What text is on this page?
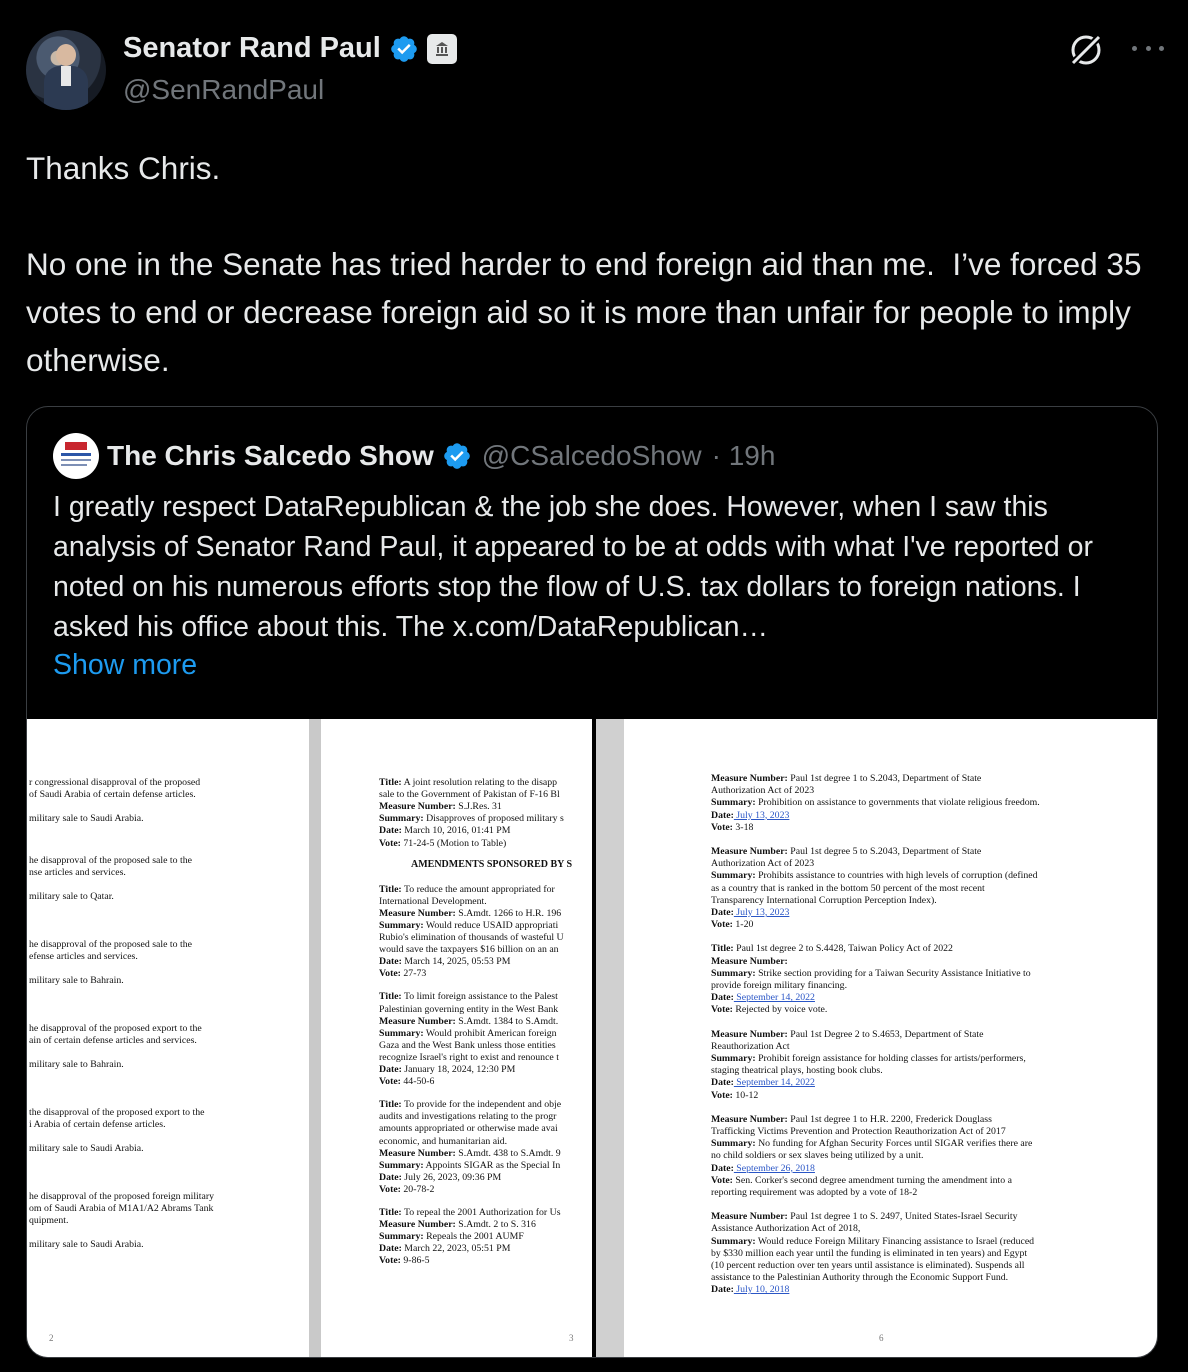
Senator Rand Paul
@SenRandPaul
Thanks Chris.

No one in the Senate has tried harder to end foreign aid than me.  I’ve forced 35 votes to end or decrease foreign aid so it is more than unfair for people to imply otherwise.
The Chris Salcedo Show @CSalcedoShow · 19h
I greatly respect DataRepublican & the job she does. However, when I saw this analysis of Senator Rand Paul, it appeared to be at odds with what I've reported or noted on his numerous efforts stop the flow of U.S. tax dollars to foreign nations. I asked his office about this. The x.com/DataRepublican…
Show more
2
r congressional disapproval of the proposed
of Saudi Arabia of certain defense articles.
military sale to Saudi Arabia.
he disapproval of the proposed sale to the
nse articles and services.
military sale to Qatar.
he disapproval of the proposed sale to the
efense articles and services.
military sale to Bahrain.
he disapproval of the proposed export to the
ain of certain defense articles and services.
military sale to Bahrain.
the disapproval of the proposed export to the
i Arabia of certain defense articles.
military sale to Saudi Arabia.
he disapproval of the proposed foreign military
om of Saudi Arabia of M1A1/A2 Abrams Tank
quipment.
military sale to Saudi Arabia.
AMENDMENTS SPONSORED BY S
3
Title: A joint resolution relating to the disapp
sale to the Government of Pakistan of F-16 Bl
Measure Number: S.J.Res. 31
Summary: Disapproves of proposed military s
Date: March 10, 2016, 01:41 PM
Vote: 71-24-5 (Motion to Table)
Title: To reduce the amount appropriated for
International Development.
Measure Number: S.Amdt. 1266 to H.R. 196
Summary: Would reduce USAID appropriati
Rubio's elimination of thousands of wasteful U
would save the taxpayers $16 billion on an an
Date: March 14, 2025, 05:53 PM
Vote: 27-73
Title: To limit foreign assistance to the Palest
Palestinian governing entity in the West Bank
Measure Number: S.Amdt. 1384 to S.Amdt.
Summary: Would prohibit American foreign
Gaza and the West Bank unless those entities
recognize Israel's right to exist and renounce t
Date: January 18, 2024, 12:30 PM
Vote: 44-50-6
Title: To provide for the independent and obje
audits and investigations relating to the progr
amounts appropriated or otherwise made avai
economic, and humanitarian aid.
Measure Number: S.Amdt. 438 to S.Amdt. 9
Summary: Appoints SIGAR as the Special In
Date: July 26, 2023, 09:36 PM
Vote: 20-78-2
Title: To repeal the 2001 Authorization for Us
Measure Number: S.Amdt. 2 to S. 316
Summary: Repeals the 2001 AUMF
Date: March 22, 2023, 05:51 PM
Vote: 9-86-5
6
Measure Number: Paul 1st degree 1 to S.2043, Department of State
Authorization Act of 2023
Summary: Prohibition on assistance to governments that violate religious freedom.
Date: July 13, 2023
Vote: 3-18
Measure Number: Paul 1st degree 5 to S.2043, Department of State
Authorization Act of 2023
Summary: Prohibits assistance to countries with high levels of corruption (defined
as a country that is ranked in the bottom 50 percent of the most recent
Transparency International Corruption Perception Index).
Date: July 13, 2023
Vote: 1-20
Title: Paul 1st degree 2 to S.4428, Taiwan Policy Act of 2022
Measure Number:
Summary: Strike section providing for a Taiwan Security Assistance Initiative to
provide foreign military financing.
Date: September 14, 2022
Vote: Rejected by voice vote.
Measure Number: Paul 1st Degree 2 to S.4653, Department of State
Reauthorization Act
Summary: Prohibit foreign assistance for holding classes for artists/performers,
staging theatrical plays, hosting book clubs.
Date: September 14, 2022
Vote: 10-12
Measure Number: Paul 1st degree 1 to H.R. 2200, Frederick Douglass
Trafficking Victims Prevention and Protection Reauthorization Act of 2017
Summary: No funding for Afghan Security Forces until SIGAR verifies there are
no child soldiers or sex slaves being utilized by a unit.
Date: September 26, 2018
Vote: Sen. Corker's second degree amendment turning the amendment into a
reporting requirement was adopted by a vote of 18-2
Measure Number: Paul 1st degree 1 to S. 2497, United States-Israel Security
Assistance Authorization Act of 2018,
Summary: Would reduce Foreign Military Financing assistance to Israel (reduced
by $330 million each year until the funding is eliminated in ten years) and Egypt
(10 percent reduction over ten years until assistance is eliminated). Suspends all
assistance to the Palestinian Authority through the Economic Support Fund.
Date: July 10, 2018
